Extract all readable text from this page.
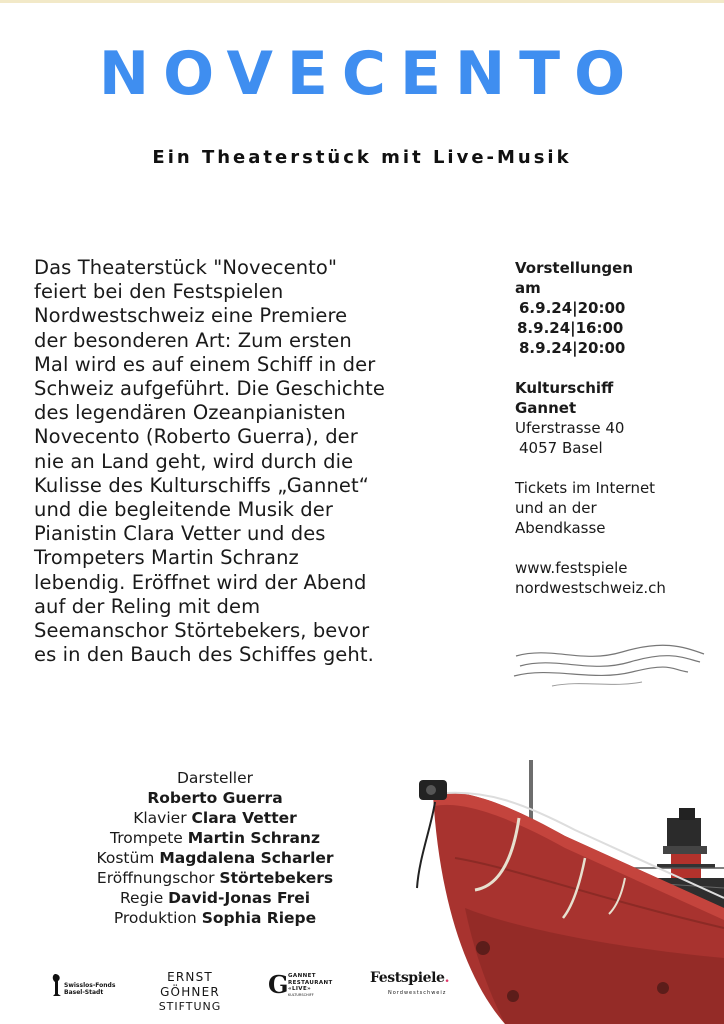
NOVECENTO
Ein Theaterstück mit Live-Musik
Das Theaterstück "Novecento"
feiert bei den Festspielen
Nordwestschweiz eine Premiere
der besonderen Art: Zum ersten
Mal wird es auf einem Schiff in der
Schweiz aufgeführt. Die Geschichte
des legendären Ozeanpianisten
Novecento (Roberto Guerra), der
nie an Land geht, wird durch die
Kulisse des Kulturschiffs „Gannet“
und die begleitende Musik der
Pianistin Clara Vetter und des
Trompeters Martin Schranz
lebendig. Eröffnet wird der Abend
auf der Reling mit dem
Seemanschor Störtebekers, bevor
es in den Bauch des Schiffes geht.
Vorstellungen
am
6.9.24|20:00
8.9.24|16:00
8.9.24|20:00
Kulturschiff
Gannet
Uferstrasse 40
4057 Basel
Tickets im Internet
und an der
Abendkasse
www.festspiele
nordwestschweiz.ch
Darsteller
Roberto Guerra
Klavier Clara Vetter
Trompete Martin Schranz
Kostüm Magdalena Scharler
Eröffnungschor Störtebekers
Regie David-Jonas Frei
Produktion Sophia Riepe
Swisslos-Fonds
Basel-Stadt
ERNST GÖHNER
STIFTUNG
G GANNET RESTAURANT «LIVE»
KULTURSCHIFF
Festspiele.
Nordwestschweiz
